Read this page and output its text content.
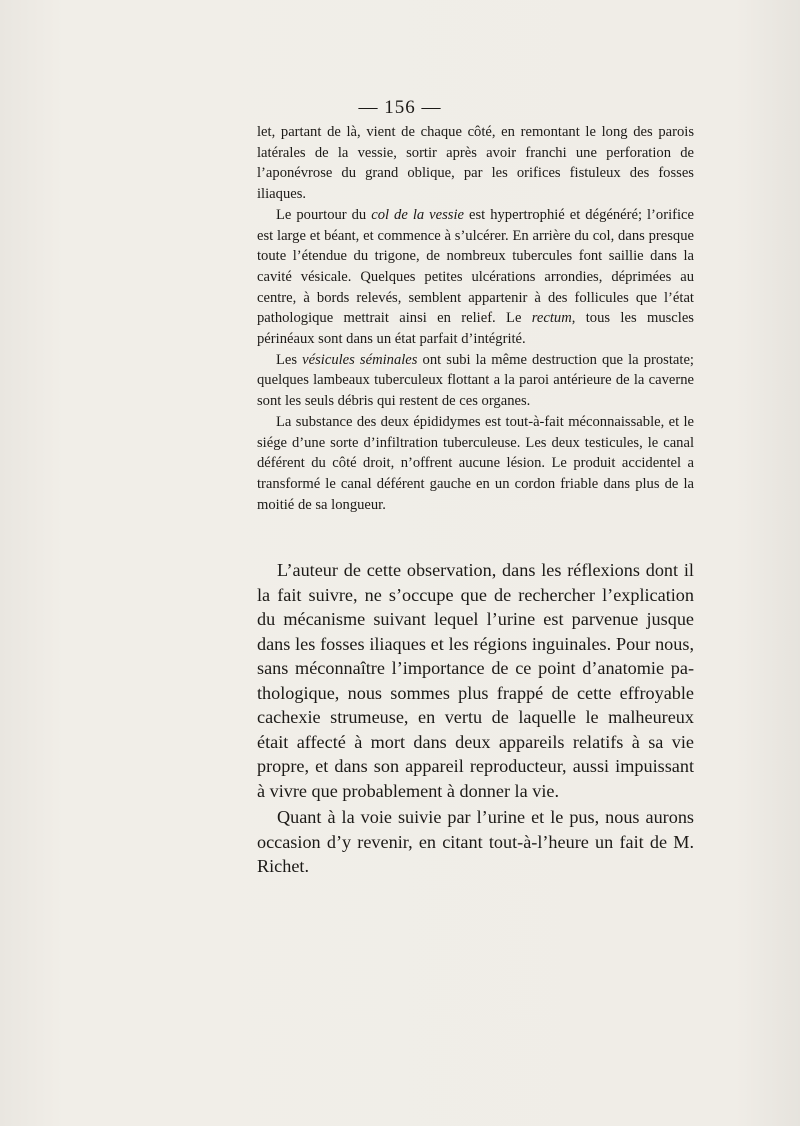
— 156 —

let, partant de là, vient de chaque côté, en remontant le long des parois latérales de la vessie, sortir après avoir franchi une perforation de l’aponévrose du grand oblique, par les orifices fistuleux des fosses iliaques.

Le pourtour du col de la vessie est hypertrophié et dégénéré; l’orifice est large et béant, et commence à s’ulcérer. En arrière du col, dans presque toute l’étendue du trigone, de nombreux tubercules font saillie dans la cavité vésicale. Quelques petites ulcérations arrondies, déprimées au centre, à bords relevés, semblent appartenir à des follicules que l’état pathologique mettrait ainsi en relief. Le rectum, tous les muscles périnéaux sont dans un état parfait d’intégrité.

Les vésicules séminales ont subi la même destruction que la prostate; quelques lambeaux tuberculeux flottant a la paroi antérieure de la caverne sont les seuls débris qui restent de ces organes.

La substance des deux épididymes est tout-à-fait méconnaissable, et le siége d’une sorte d’infiltration tuberculeuse. Les deux testicules, le canal déférent du côté droit, n’offrent aucune lésion. Le produit accidentel a transformé le canal déférent gauche en un cordon friable dans plus de la moitié de sa longueur.

L’auteur de cette observation, dans les réflexions dont il la fait suivre, ne s’occupe que de rechercher l’explication du mécanisme suivant lequel l’urine est parvenue jusque dans les fosses iliaques et les régions inguinales. Pour nous, sans méconnaître l’importance de ce point d’anatomie pathologique, nous sommes plus frappé de cette effroyable cachexie strumeuse, en vertu de laquelle le malheureux était affecté à mort dans deux appareils relatifs à sa vie propre, et dans son appareil reproducteur, aussi impuissant à vivre que probablement à donner la vie.

Quant à la voie suivie par l’urine et le pus, nous aurons occasion d’y revenir, en citant tout-à-l’heure un fait de M. Richet.
